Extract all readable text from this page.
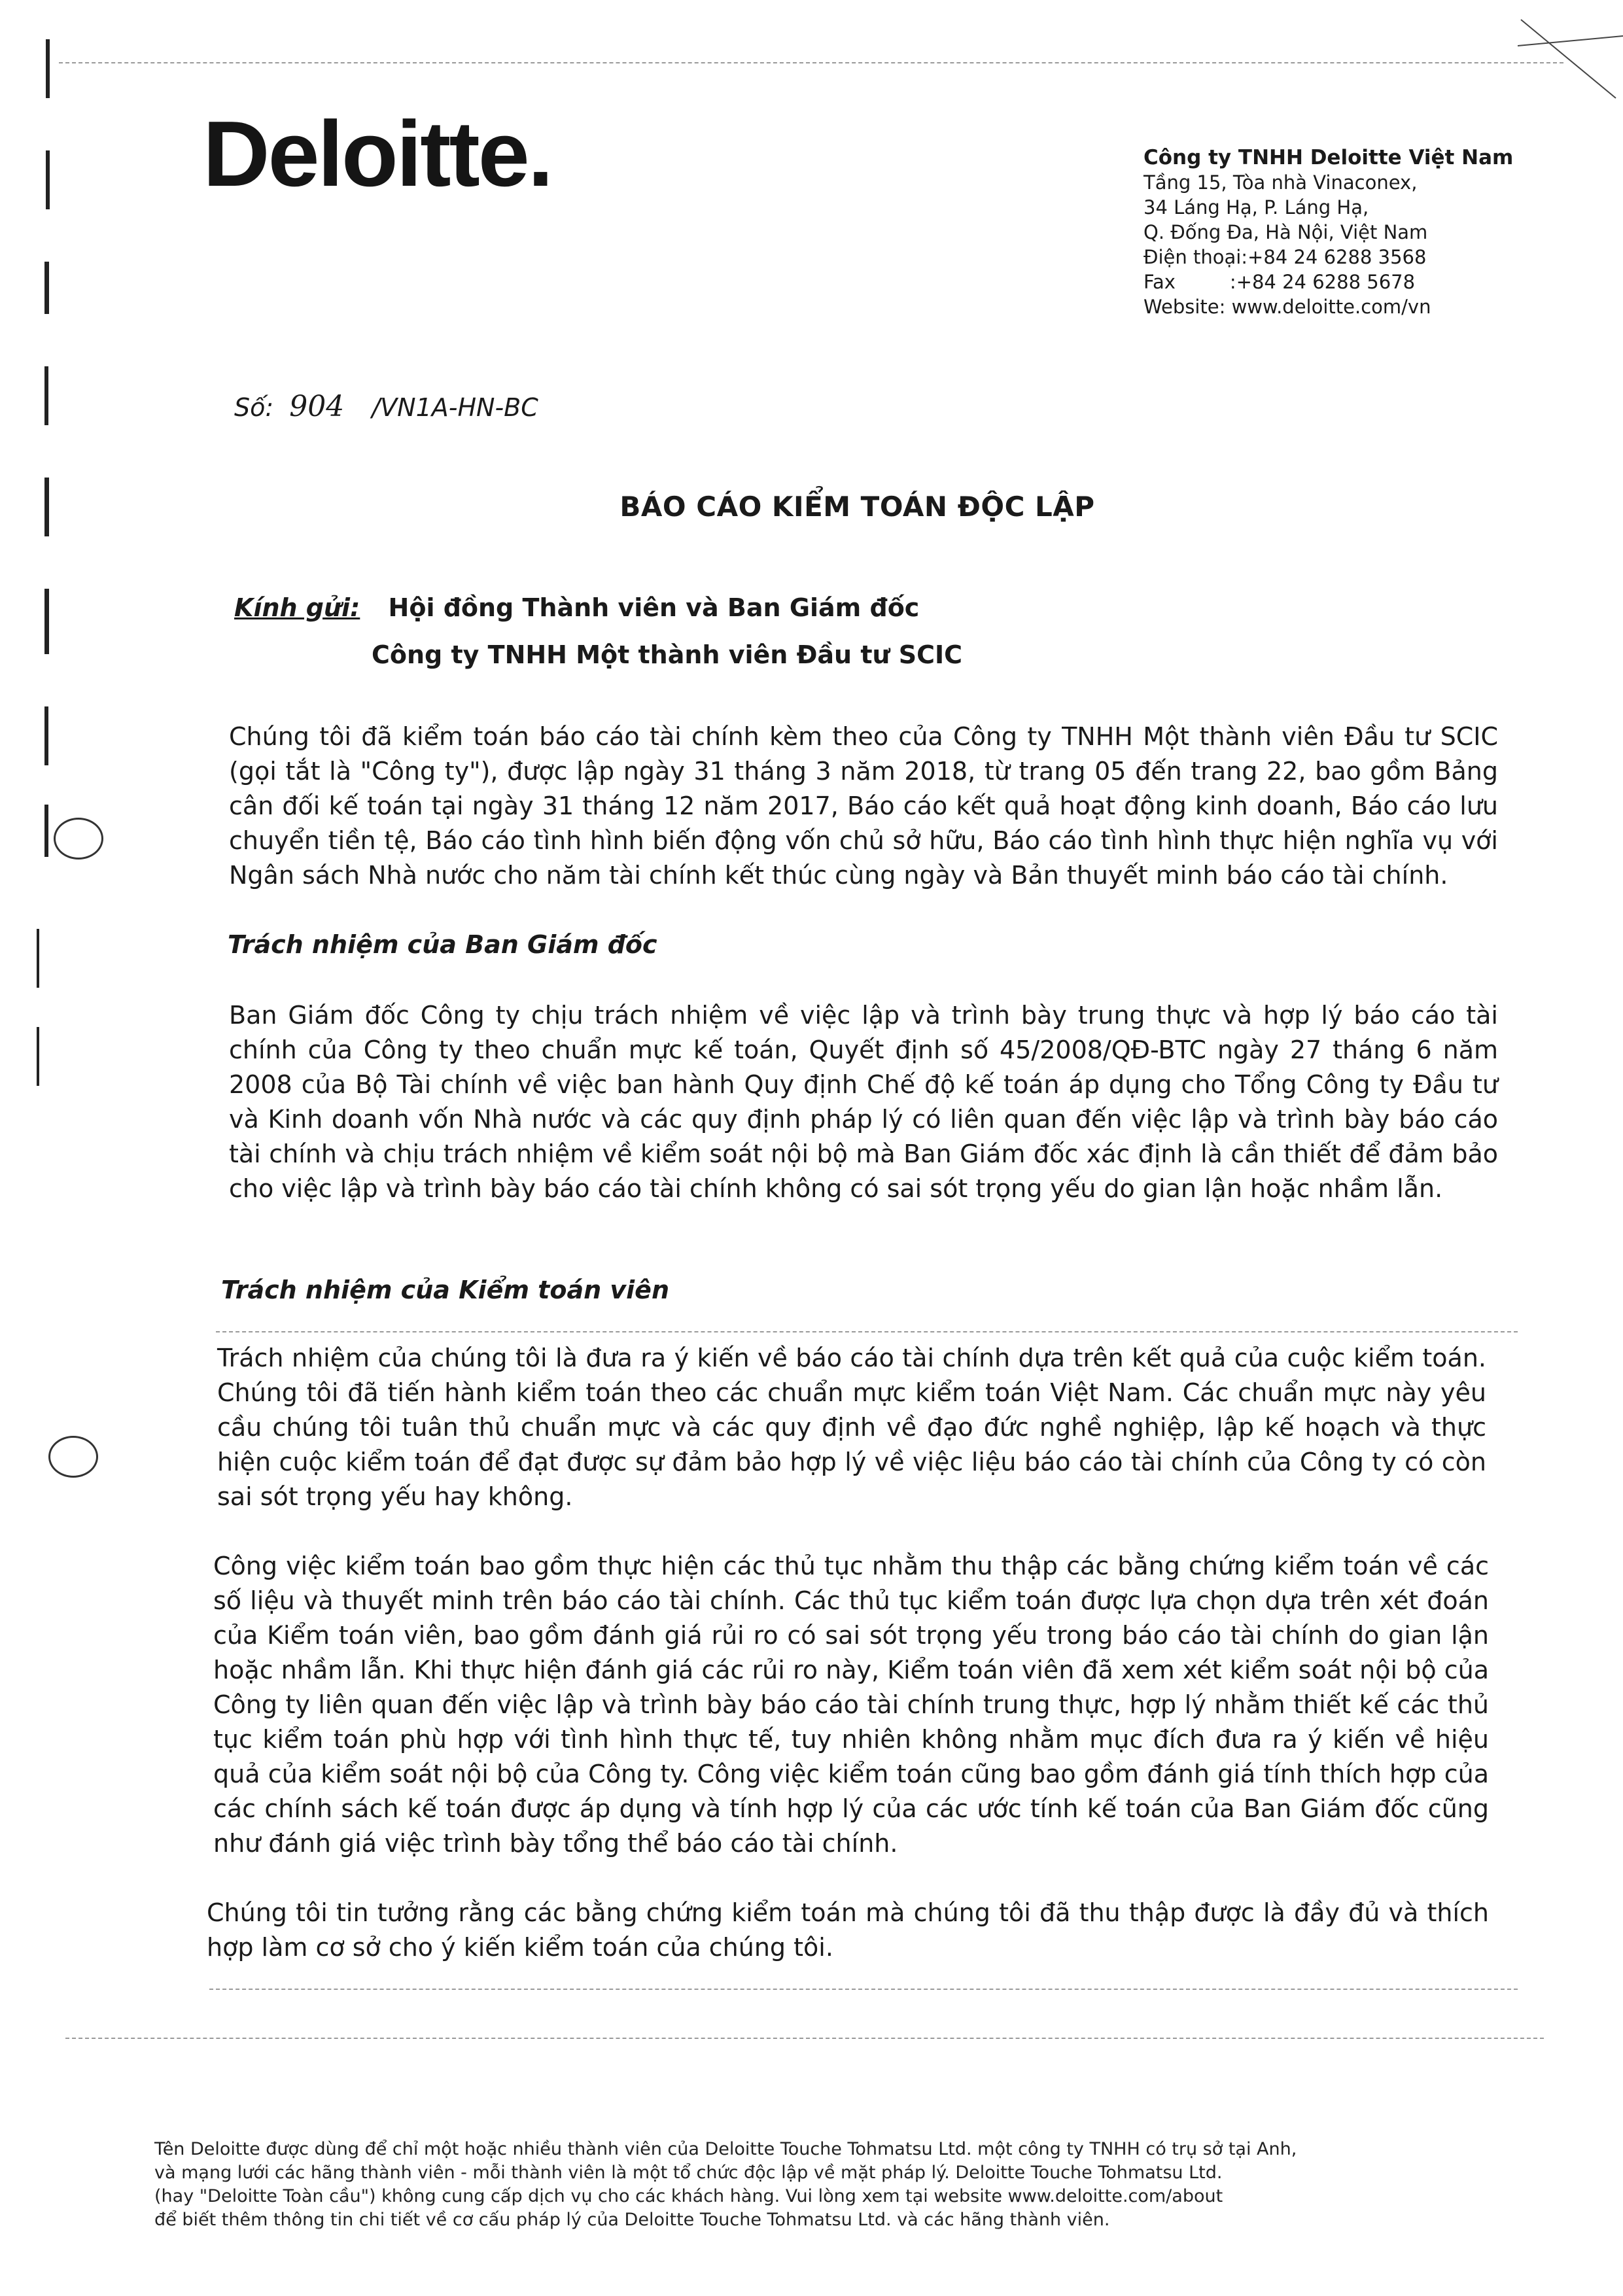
Deloitte.	Công ty TNHH Deloitte Việt Nam
Tầng 15, Tòa nhà Vinaconex,
34 Láng Hạ, P. Láng Hạ,
Q. Đống Đa, Hà Nội, Việt Nam
Điện thoại:+84 24 6288 3568
Fax         :+84 24 6288 5678
Website: www.deloitte.com/vn
Số: 904 /VN1A-HN-BC
BÁO CÁO KIỂM TOÁN ĐỘC LẬP
Kính gửi: Hội đồng Thành viên và Ban Giám đốc
Công ty TNHH Một thành viên Đầu tư SCIC
Chúng tôi đã kiểm toán báo cáo tài chính kèm theo của Công ty TNHH Một thành viên Đầu tư SCIC (gọi tắt là "Công ty"), được lập ngày 31 tháng 3 năm 2018, từ trang 05 đến trang 22, bao gồm Bảng cân đối kế toán tại ngày 31 tháng 12 năm 2017, Báo cáo kết quả hoạt động kinh doanh, Báo cáo lưu chuyển tiền tệ, Báo cáo tình hình biến động vốn chủ sở hữu, Báo cáo tình hình thực hiện nghĩa vụ với Ngân sách Nhà nước cho năm tài chính kết thúc cùng ngày và Bản thuyết minh báo cáo tài chính.
Trách nhiệm của Ban Giám đốc
Ban Giám đốc Công ty chịu trách nhiệm về việc lập và trình bày trung thực và hợp lý báo cáo tài chính của Công ty theo chuẩn mực kế toán, Quyết định số 45/2008/QĐ-BTC ngày 27 tháng 6 năm 2008 của Bộ Tài chính về việc ban hành Quy định Chế độ kế toán áp dụng cho Tổng Công ty Đầu tư và Kinh doanh vốn Nhà nước và các quy định pháp lý có liên quan đến việc lập và trình bày báo cáo tài chính và chịu trách nhiệm về kiểm soát nội bộ mà Ban Giám đốc xác định là cần thiết để đảm bảo cho việc lập và trình bày báo cáo tài chính không có sai sót trọng yếu do gian lận hoặc nhầm lẫn.
Trách nhiệm của Kiểm toán viên
Trách nhiệm của chúng tôi là đưa ra ý kiến về báo cáo tài chính dựa trên kết quả của cuộc kiểm toán. Chúng tôi đã tiến hành kiểm toán theo các chuẩn mực kiểm toán Việt Nam. Các chuẩn mực này yêu cầu chúng tôi tuân thủ chuẩn mực và các quy định về đạo đức nghề nghiệp, lập kế hoạch và thực hiện cuộc kiểm toán để đạt được sự đảm bảo hợp lý về việc liệu báo cáo tài chính của Công ty có còn sai sót trọng yếu hay không.
Công việc kiểm toán bao gồm thực hiện các thủ tục nhằm thu thập các bằng chứng kiểm toán về các số liệu và thuyết minh trên báo cáo tài chính. Các thủ tục kiểm toán được lựa chọn dựa trên xét đoán của Kiểm toán viên, bao gồm đánh giá rủi ro có sai sót trọng yếu trong báo cáo tài chính do gian lận hoặc nhầm lẫn. Khi thực hiện đánh giá các rủi ro này, Kiểm toán viên đã xem xét kiểm soát nội bộ của Công ty liên quan đến việc lập và trình bày báo cáo tài chính trung thực, hợp lý nhằm thiết kế các thủ tục kiểm toán phù hợp với tình hình thực tế, tuy nhiên không nhằm mục đích đưa ra ý kiến về hiệu quả của kiểm soát nội bộ của Công ty. Công việc kiểm toán cũng bao gồm đánh giá tính thích hợp của các chính sách kế toán được áp dụng và tính hợp lý của các ước tính kế toán của Ban Giám đốc cũng như đánh giá việc trình bày tổng thể báo cáo tài chính.
Chúng tôi tin tưởng rằng các bằng chứng kiểm toán mà chúng tôi đã thu thập được là đầy đủ và thích hợp làm cơ sở cho ý kiến kiểm toán của chúng tôi.
Tên Deloitte được dùng để chỉ một hoặc nhiều thành viên của Deloitte Touche Tohmatsu Ltd. một công ty TNHH có trụ sở tại Anh,
và mạng lưới các hãng thành viên - mỗi thành viên là một tổ chức độc lập về mặt pháp lý. Deloitte Touche Tohmatsu Ltd.
(hay "Deloitte Toàn cầu") không cung cấp dịch vụ cho các khách hàng. Vui lòng xem tại website www.deloitte.com/about
để biết thêm thông tin chi tiết về cơ cấu pháp lý của Deloitte Touche Tohmatsu Ltd. và các hãng thành viên.
